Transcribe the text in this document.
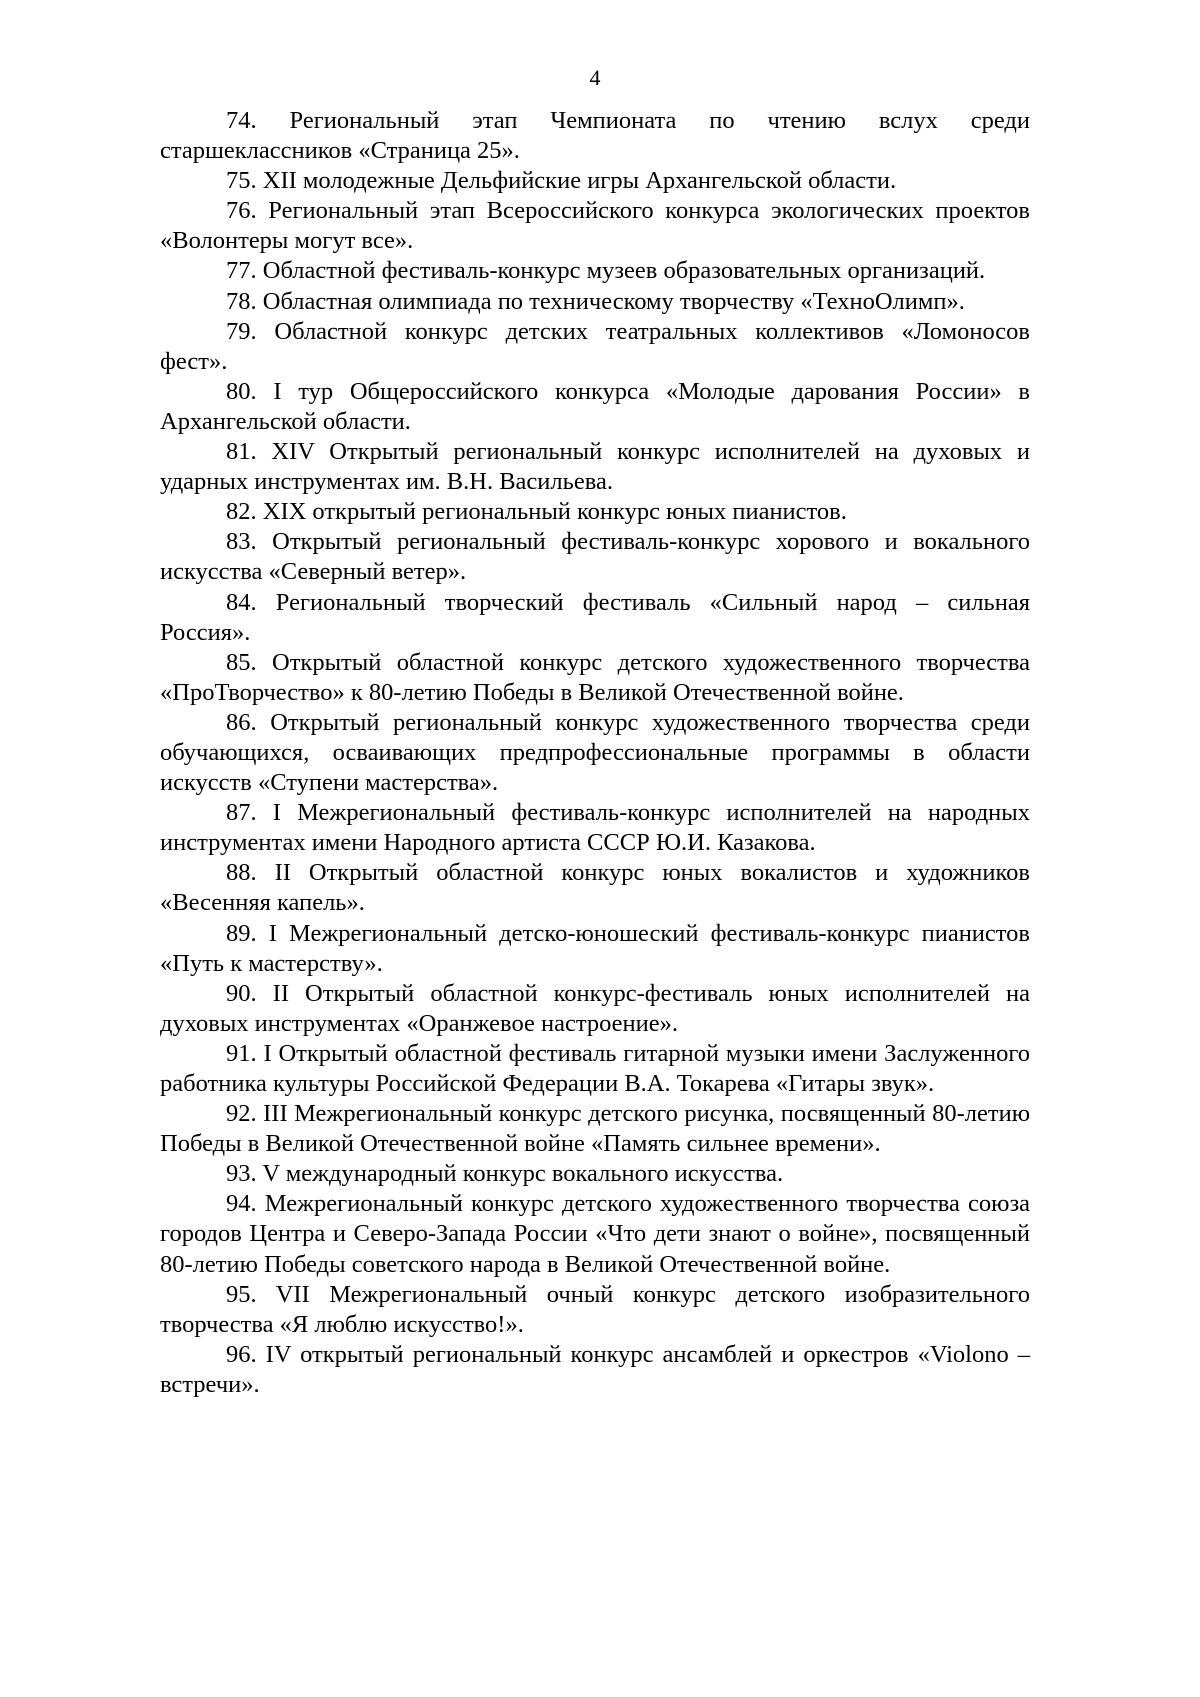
4

74. Региональный этап Чемпионата по чтению вслух среди старшеклассников «Страница 25».

75. XII молодежные Дельфийские игры Архангельской области.

76. Региональный этап Всероссийского конкурса экологических проектов «Волонтеры могут все».

77. Областной фестиваль-конкурс музеев образовательных организаций.

78. Областная олимпиада по техническому творчеству «ТехноОлимп».

79. Областной конкурс детских театральных коллективов «Ломоносов фест».

80. I тур Общероссийского конкурса «Молодые дарования России» в Архангельской области.

81. XIV Открытый региональный конкурс исполнителей на духовых и ударных инструментах им. В.Н. Васильева.

82. XIX открытый региональный конкурс юных пианистов.

83. Открытый региональный фестиваль-конкурс хорового и вокального искусства «Северный ветер».

84. Региональный творческий фестиваль «Сильный народ – сильная Россия».

85. Открытый областной конкурс детского художественного творчества «ПроТворчество» к 80-летию Победы в Великой Отечественной войне.

86. Открытый региональный конкурс художественного творчества среди обучающихся, осваивающих предпрофессиональные программы в области искусств «Ступени мастерства».

87. I Межрегиональный фестиваль-конкурс исполнителей на народных инструментах имени Народного артиста СССР Ю.И. Казакова.

88. II Открытый областной конкурс юных вокалистов и художников «Весенняя капель».

89. I Межрегиональный детско-юношеский фестиваль-конкурс пианистов «Путь к мастерству».

90. II Открытый областной конкурс-фестиваль юных исполнителей на духовых инструментах «Оранжевое настроение».

91. I Открытый областной фестиваль гитарной музыки имени Заслуженного работника культуры Российской Федерации В.А. Токарева «Гитары звук».

92. III Межрегиональный конкурс детского рисунка, посвященный 80-летию Победы в Великой Отечественной войне «Память сильнее времени».

93. V международный конкурс вокального искусства.

94. Межрегиональный конкурс детского художественного творчества союза городов Центра и Северо-Запада России «Что дети знают о войне», посвященный 80-летию Победы советского народа в Великой Отечественной войне.

95. VII Межрегиональный очный конкурс детского изобразительного творчества «Я люблю искусство!».

96. IV открытый региональный конкурс ансамблей и оркестров «Violono – встречи».
